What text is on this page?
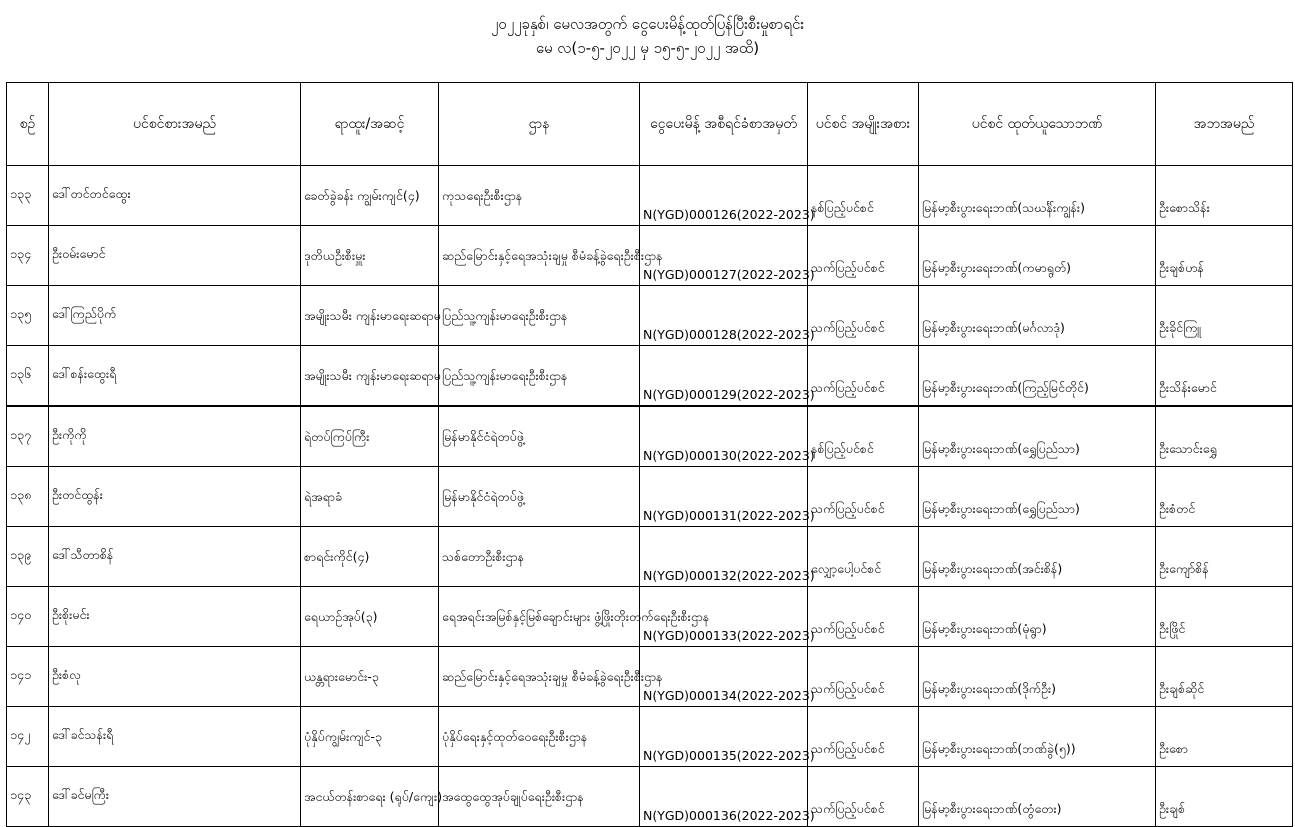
၂၀၂၂ခုနှစ်၊ မေလအတွက် ငွေပေးမိန့်ထုတ်ပြန်ပြီးစီးမှုစာရင်း
မေ လ(၁-၅-၂၀၂၂ မှ ၁၅-၅-၂၀၂၂ အထိ)
စဉ်	ပင်စင်စားအမည်	ရာထူး/အဆင့်	ဌာန	ငွေပေးမိန့် အစီရင်ခံစာအမှတ်	ပင်စင် အမျိုးအစား	ပင်စင် ထုတ်ယူသောဘဏ်	အဘအမည်
၁၃၃	ဒေါ်တင်တင်ထွေး	ခေတ်ခွဲခန်း ကျွမ်းကျင်(၄)	ကုသရေးဦးစီးဌာန	N(YGD)000126(2022-2023)	နစ်ပြည့်ပင်စင်	မြန်မာ့စီးပွားရေးဘဏ်(သဃင်္န်းကျွန်း)	ဦးစောသိန်း
၁၃၄	ဦးဝမ်းမောင်	ဒုတိယဦးစီးမှူး	ဆည်မြောင်းနှင့်ရေအသုံးချမှု စီမံခန့်ခွဲရေးဦးစီးဌာန	N(YGD)000127(2022-2023)	သက်ပြည့်ပင်စင်	မြန်မာ့စီးပွားရေးဘဏ်(ကမာရွတ်)	ဦးချစ်ဟန်
၁၃၅	ဒေါ်ကြည်ပိုက်	အမျိုးသမီး ကျန်းမာရေးဆရာမ	ပြည်သူ့ကျန်းမာရေးဦးစီးဌာန	N(YGD)000128(2022-2023)	သက်ပြည့်ပင်စင်	မြန်မာ့စီးပွားရေးဘဏ်(မင်္ဂလာဒုံ)	ဦးခိုင်ကြူ
၁၃၆	ဒေါ်စန်းထွေးရီ	အမျိုးသမီး ကျန်းမာရေးဆရာမ	ပြည်သူ့ကျန်းမာရေးဦးစီးဌာန	N(YGD)000129(2022-2023)	သက်ပြည့်ပင်စင်	မြန်မာ့စီးပွားရေးဘဏ်(ကြည့်မြင်တိုင်)	ဦးသိန်းမောင်
၁၃၇	ဦးကိုကို	ရဲတပ်ကြပ်ကြီး	မြန်မာနိုင်ငံရဲတပ်ဖွဲ့	N(YGD)000130(2022-2023)	နစ်ပြည့်ပင်စင်	မြန်မာ့စီးပွားရေးဘဏ်(ရွှေပြည်သာ)	ဦးသောင်းရွှေ
၁၃၈	ဦးတင်ထွန်း	ရဲအရာခံ	မြန်မာနိုင်ငံရဲတပ်ဖွဲ့	N(YGD)000131(2022-2023)	သက်ပြည့်ပင်စင်	မြန်မာ့စီးပွားရေးဘဏ်(ရွှေပြည်သာ)	ဦးစံတင်
၁၃၉	ဒေါ်သီတာစိန်	စာရင်းကိုင်(၄)	သစ်တောဦးစီးဌာန	N(YGD)000132(2022-2023)	လျှော့ပေါ့ပင်စင်	မြန်မာ့စီးပွားရေးဘဏ်(အင်းစိန်)	ဦးကျော်စိန်
၁၄၀	ဦးစိုးမင်း	ရေယာဉ်အုပ်(၃)	ရေအရင်းအမြစ်နှင့်မြစ်ချောင်းများ ဖွံ့ဖြိုးတိုးတက်ရေးဦးစီးဌာန	N(YGD)000133(2022-2023)	သက်ပြည့်ပင်စင်	မြန်မာ့စီးပွားရေးဘဏ်(မုံရွာ)	ဦးဖြိုင်
၁၄၁	ဦးစံလု	ယန္တရားမောင်း-၃	ဆည်မြောင်းနှင့်ရေအသုံးချမှု စီမံခန့်ခွဲရေးဦးစီးဌာန	N(YGD)000134(2022-2023)	သက်ပြည့်ပင်စင်	မြန်မာ့စီးပွားရေးဘဏ်(ဒိုက်ဦး)	ဦးချစ်ဆိုင်
၁၄၂	ဒေါ်ခင်သန်းရီ	ပုံနှိပ်ကျွမ်းကျင်-၃	ပုံနှိပ်ရေးနှင့်ထုတ်ဝေရေးဦးစီးဌာန	N(YGD)000135(2022-2023)	သက်ပြည့်ပင်စင်	မြန်မာ့စီးပွားရေးဘဏ်(ဘဏ်ခွဲ(၅))	ဦးစော
၁၄၃	ဒေါ်ခင်မကြီး	အငယ်တန်းစာရေး (ရုပ်/ကျေး)	အထွေထွေအုပ်ချုပ်ရေးဦးစီးဌာန	N(YGD)000136(2022-2023)	သက်ပြည့်ပင်စင်	မြန်မာ့စီးပွားရေးဘဏ်(တွံတေး)	ဦးချစ်
